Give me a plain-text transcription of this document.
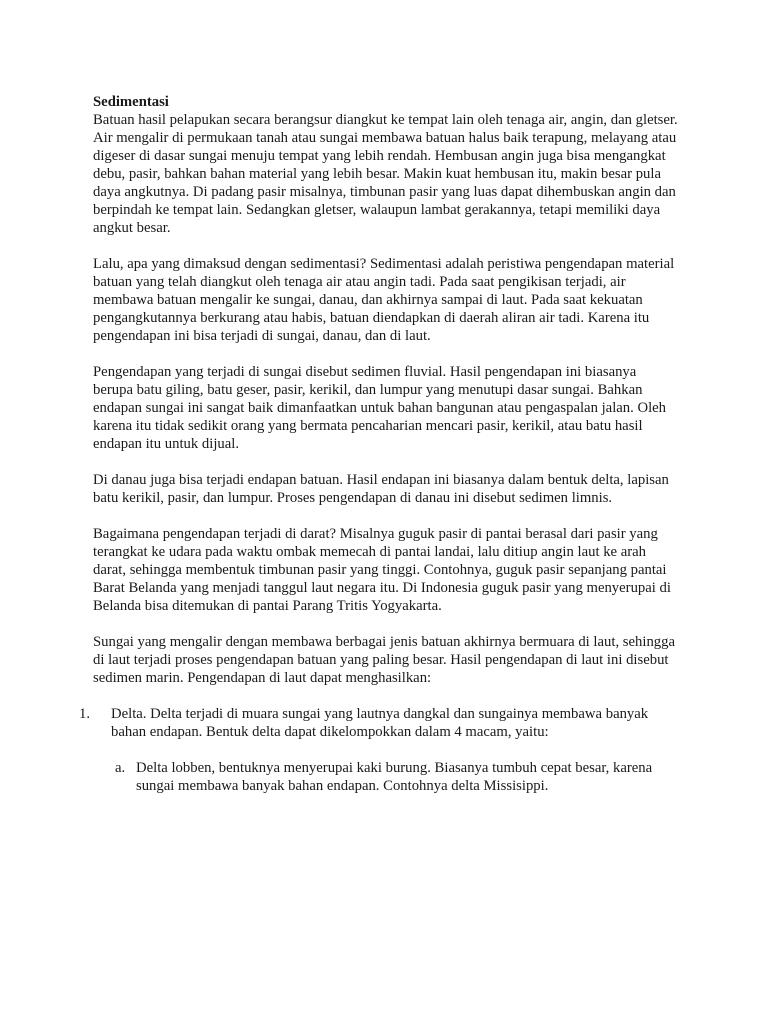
Sedimentasi

Batuan hasil pelapukan secara berangsur diangkut ke tempat lain oleh tenaga air, angin, dan gletser. Air mengalir di permukaan tanah atau sungai membawa batuan halus baik terapung, melayang atau digeser di dasar sungai menuju tempat yang lebih rendah. Hembusan angin juga bisa mengangkat debu, pasir, bahkan bahan material yang lebih besar. Makin kuat hembusan itu, makin besar pula daya angkutnya. Di padang pasir misalnya, timbunan pasir yang luas dapat dihembuskan angin dan berpindah ke tempat lain. Sedangkan gletser, walaupun lambat gerakannya, tetapi memiliki daya angkut besar.

Lalu, apa yang dimaksud dengan sedimentasi? Sedimentasi adalah peristiwa pengendapan material batuan yang telah diangkut oleh tenaga air atau angin tadi. Pada saat pengikisan terjadi, air membawa batuan mengalir ke sungai, danau, dan akhirnya sampai di laut. Pada saat kekuatan pengangkutannya berkurang atau habis, batuan diendapkan di daerah aliran air tadi. Karena itu pengendapan ini bisa terjadi di sungai, danau, dan di laut.

Pengendapan yang terjadi di sungai disebut sedimen fluvial. Hasil pengendapan ini biasanya berupa batu giling, batu geser, pasir, kerikil, dan lumpur yang menutupi dasar sungai. Bahkan endapan sungai ini sangat baik dimanfaatkan untuk bahan bangunan atau pengaspalan jalan. Oleh karena itu tidak sedikit orang yang bermata pencaharian mencari pasir, kerikil, atau batu hasil endapan itu untuk dijual.

Di danau juga bisa terjadi endapan batuan. Hasil endapan ini biasanya dalam bentuk delta, lapisan batu kerikil, pasir, dan lumpur. Proses pengendapan di danau ini disebut sedimen limnis.

Bagaimana pengendapan terjadi di darat? Misalnya guguk pasir di pantai berasal dari pasir yang terangkat ke udara pada waktu ombak memecah di pantai landai, lalu ditiup angin laut ke arah darat, sehingga membentuk timbunan pasir yang tinggi. Contohnya, guguk pasir sepanjang pantai Barat Belanda yang menjadi tanggul laut negara itu. Di Indonesia guguk pasir yang menyerupai di Belanda bisa ditemukan di pantai Parang Tritis Yogyakarta.

Sungai yang mengalir dengan membawa berbagai jenis batuan akhirnya bermuara di laut, sehingga di laut terjadi proses pengendapan batuan yang paling besar. Hasil pengendapan di laut ini disebut sedimen marin. Pengendapan di laut dapat menghasilkan:

1. Delta. Delta terjadi di muara sungai yang lautnya dangkal dan sungainya membawa banyak bahan endapan. Bentuk delta dapat dikelompokkan dalam 4 macam, yaitu:
a. Delta lobben, bentuknya menyerupai kaki burung. Biasanya tumbuh cepat besar, karena sungai membawa banyak bahan endapan. Contohnya delta Missisippi.
